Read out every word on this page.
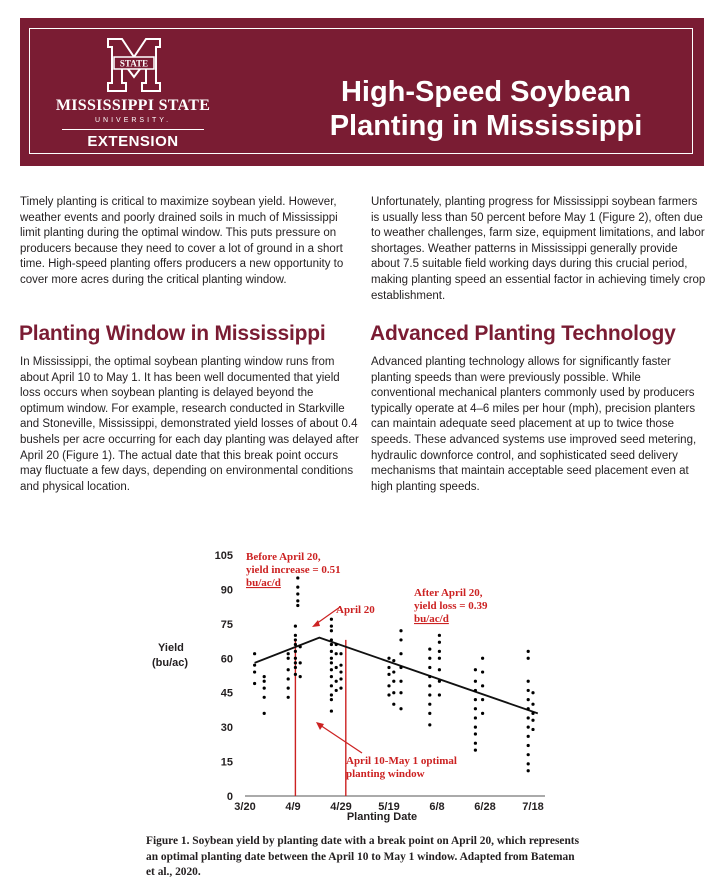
STATE
MISSISSIPPI STATE
UNIVERSITY.
EXTENSION
High-Speed Soybean
Planting in Mississippi

Timely planting is critical to maximize soybean yield. However, weather events and poorly drained soils in much of Mississippi limit planting during the optimal window. This puts pressure on producers because they need to cover a lot of ground in a short time. High-speed planting offers producers a new opportunity to cover more acres during the critical planting window.

Unfortunately, planting progress for Mississippi soybean farmers is usually less than 50 percent before May 1 (Figure 2), often due to weather challenges, farm size, equipment limitations, and labor shortages. Weather patterns in Mississippi generally provide about 7.5 suitable field working days during this crucial period, making planting speed an essential factor in achieving timely crop establishment.

Planting Window in Mississippi Advanced Planting Technology

In Mississippi, the optimal soybean planting window runs from about April 10 to May 1. It has been well documented that yield loss occurs when soybean planting is delayed beyond the optimum window. For example, research conducted in Starkville and Stoneville, Mississippi, demonstrated yield losses of about 0.4 bushels per acre occurring for each day planting was delayed after April 20 (Figure 1). The actual date that this break point occurs may fluctuate a few days, depending on environmental conditions and physical location.

Advanced planting technology allows for significantly faster planting speeds than were previously possible. While conventional mechanical planters commonly used by producers typically operate at 4–6 miles per hour (mph), precision planters can maintain adequate seed placement at up to twice those speeds. These advanced systems use improved seed metering, hydraulic downforce control, and sophisticated seed delivery mechanisms that maintain acceptable seed placement even at high planting speeds.

0
15
30
45
60
75
90
105
3/20	4/9	4/29 5/19	6/8	6/28 7/18
Yield
(bu/ac)
Planting Date
Before April 20,
yield increase = 0.51
bu/ac/d
After April 20,
yield loss = 0.39
bu/ac/d
April 20
April 10-May 1 optimal
planting window
Figure 1. Soybean yield by planting date with a break point on April 20, which represents an optimal planting date between the April 10 to May 1 window. Adapted from Bateman et al., 2020.
